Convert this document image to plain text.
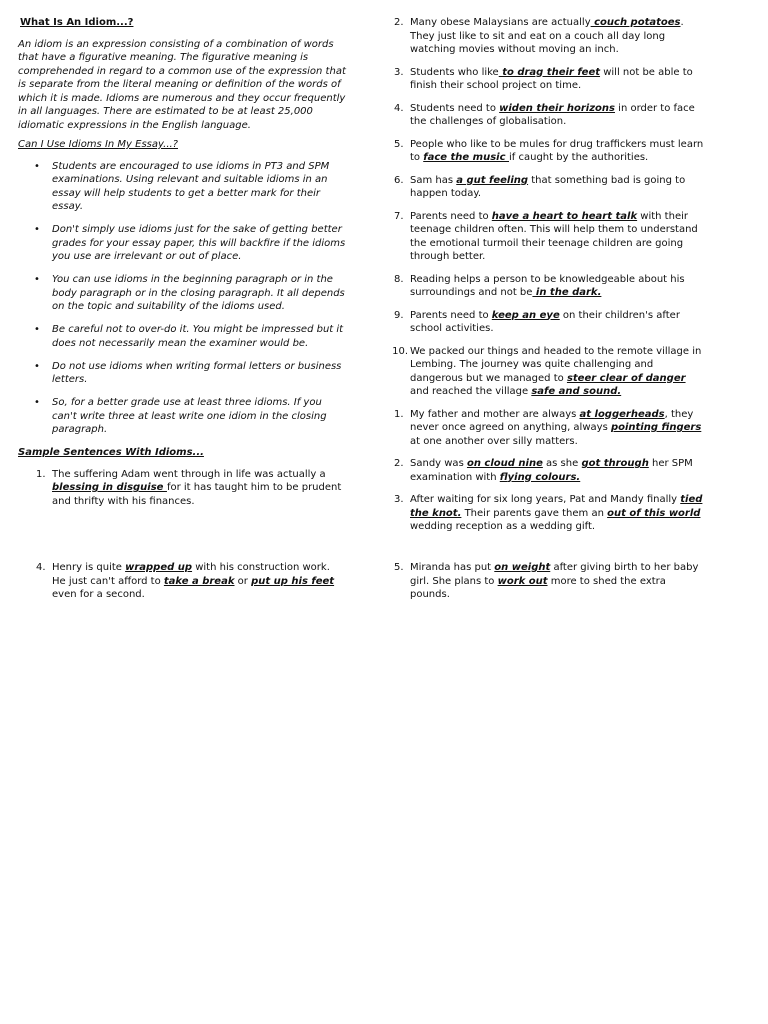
What Is An Idiom...?

An idiom is an expression consisting of a combination of words that have a figurative meaning. The figurative meaning is comprehended in regard to a common use of the expression that is separate from the literal meaning or definition of the words of which it is made. Idioms are numerous and they occur frequently in all languages. There are estimated to be at least 25,000 idiomatic expressions in the English language.

Can I Use Idioms In My Essay...?
• Students are encouraged to use idioms in PT3 and SPM examinations. Using relevant and suitable idioms in an essay will help students to get a better mark for their essay.
• Don't simply use idioms just for the sake of getting better grades for your essay paper, this will backfire if the idioms you use are irrelevant or out of place.
• You can use idioms in the beginning paragraph or in the body paragraph or in the closing paragraph. It all depends on the topic and suitability of the idioms used.
• Be careful not to over-do it. You might be impressed but it does not necessarily mean the examiner would be.
• Do not use idioms when writing formal letters or business letters.
• So, for a better grade use at least three idioms. If you can't write three at least write one idiom in the closing paragraph.
Sample Sentences With Idioms...
1. The suffering Adam went through in life was actually a blessing in disguise for it has taught him to be prudent and thrifty with his finances.
4. Henry is quite wrapped up with his construction work. He just can't afford to take a break or put up his feet even for a second.
2. Many obese Malaysians are actually couch potatoes. They just like to sit and eat on a couch all day long watching movies without moving an inch.
3. Students who like to drag their feet will not be able to finish their school project on time.
4. Students need to widen their horizons in order to face the challenges of globalisation.
5. People who like to be mules for drug traffickers must learn to face the music if caught by the authorities.
6. Sam has a gut feeling that something bad is going to happen today.
7. Parents need to have a heart to heart talk with their teenage children often. This will help them to understand the emotional turmoil their teenage children are going through better.
8. Reading helps a person to be knowledgeable about his surroundings and not be in the dark.
9. Parents need to keep an eye on their children's after school activities.
10. We packed our things and headed to the remote village in Lembing. The journey was quite challenging and dangerous but we managed to steer clear of danger and reached the village safe and sound.
1. My father and mother are always at loggerheads, they never once agreed on anything, always pointing fingers at one another over silly matters.
2. Sandy was on cloud nine as she got through her SPM examination with flying colours.
3. After waiting for six long years, Pat and Mandy finally tied the knot. Their parents gave them an out of this world wedding reception as a wedding gift.
5. Miranda has put on weight after giving birth to her baby girl. She plans to work out more to shed the extra pounds.
